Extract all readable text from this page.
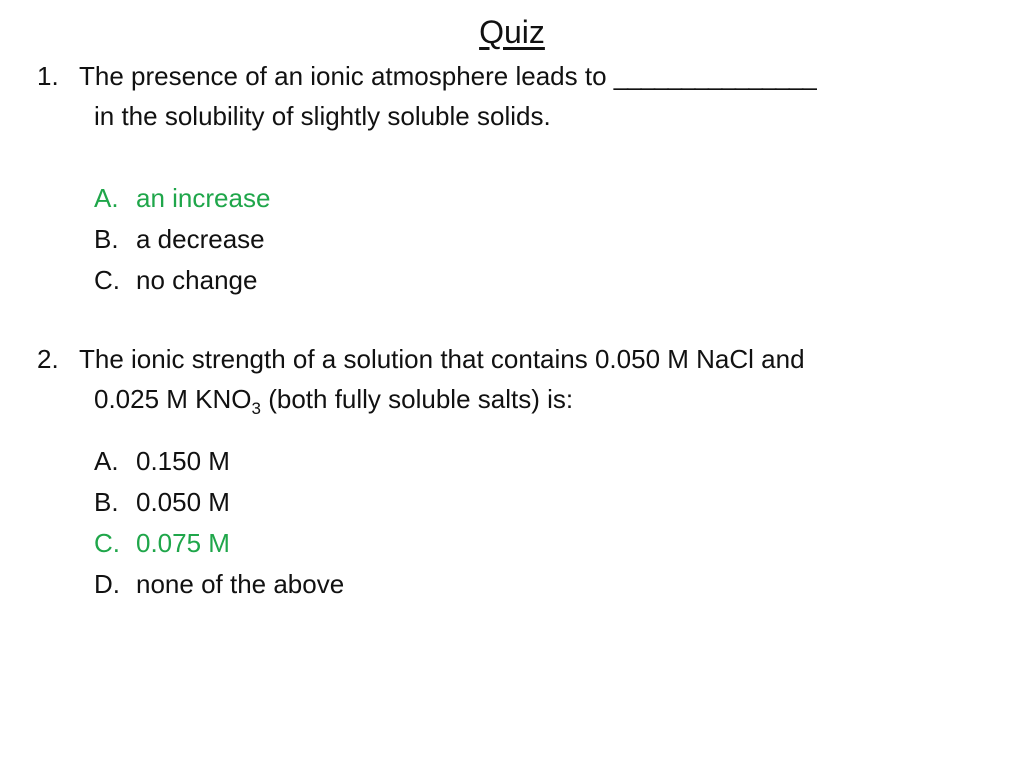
Quiz
1. The presence of an ionic atmosphere leads to _______________
in the solubility of slightly soluble solids.
A. an increase
B. a decrease
C. no change
2. The ionic strength of a solution that contains 0.050 M NaCl and
0.025 M $KNO_3$ (both fully soluble salts) is:
A. 0.150 M
B. 0.050 M
C. 0.075 M
D. none of the above
